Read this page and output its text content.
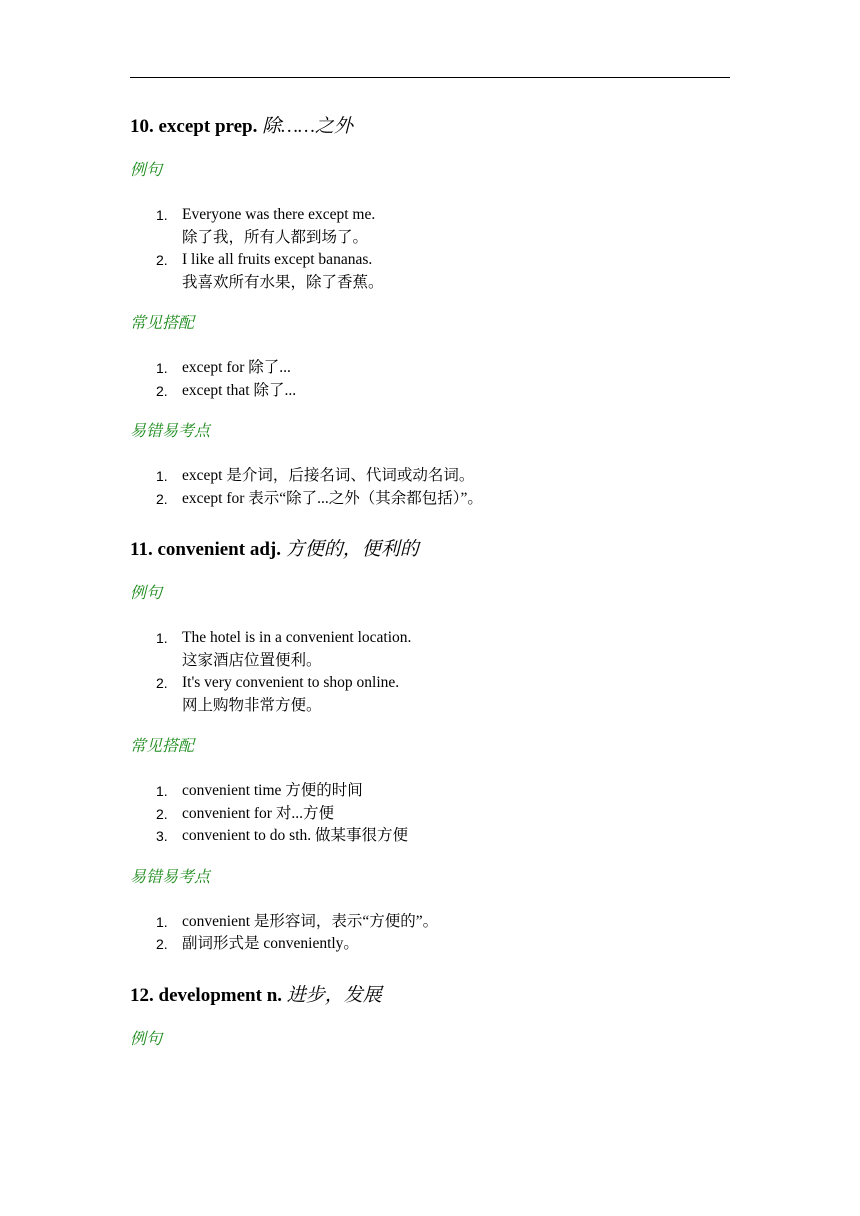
10. except prep. 除……之外
例句
1. Everyone was there except me.
除了我，所有人都到场了。
2. I like all fruits except bananas.
我喜欢所有水果，除了香蕉。
常见搭配
1. except for 除了...
2. except that 除了...
易错易考点
1. except 是介词，后接名词、代词或动名词。
2. except for 表示“除了...之外（其余都包括）”。
11. convenient adj. 方便的，便利的
例句
1. The hotel is in a convenient location.
这家酒店位置便利。
2. It's very convenient to shop online.
网上购物非常方便。
常见搭配
1. convenient time 方便的时间
2. convenient for 对...方便
3. convenient to do sth. 做某事很方便
易错易考点
1. convenient 是形容词，表示“方便的”。
2. 副词形式是 conveniently。
12. development n. 进步，发展
例句
